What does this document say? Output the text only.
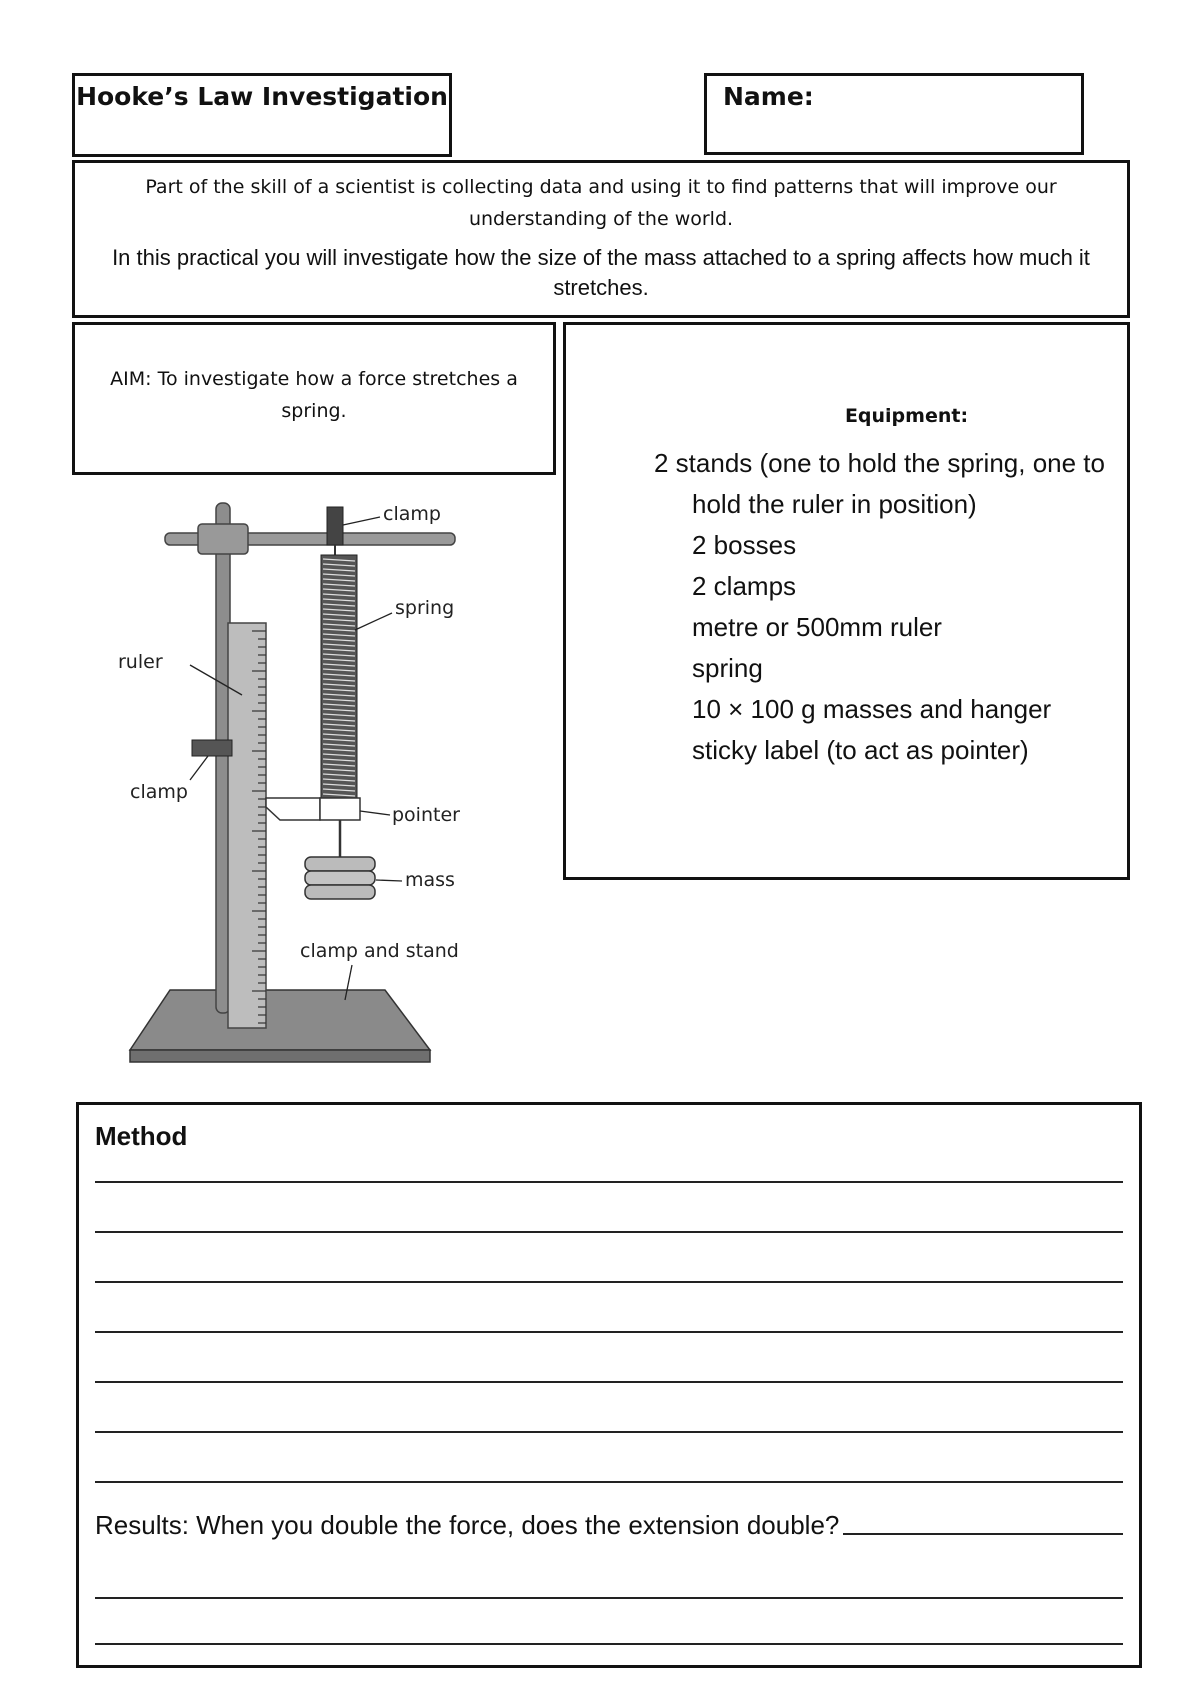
Hooke’s Law Investigation	Name:

Part of the skill of a scientist is collecting data and using it to find patterns that will improve our understanding of the world.

In this practical you will investigate how the size of the mass attached to a spring affects how much it stretches.

AIM: To investigate how a force stretches a spring.	Equipment:
2 stands (one to hold the spring, one to hold the ruler in position)
2 bosses
2 clamps
metre or 500mm ruler
spring
10 × 100 g masses and hanger
sticky label (to act as pointer)
clamp
spring
ruler
clamp
pointer
mass
clamp and stand
Method
Results: When you double the force, does the extension double?
